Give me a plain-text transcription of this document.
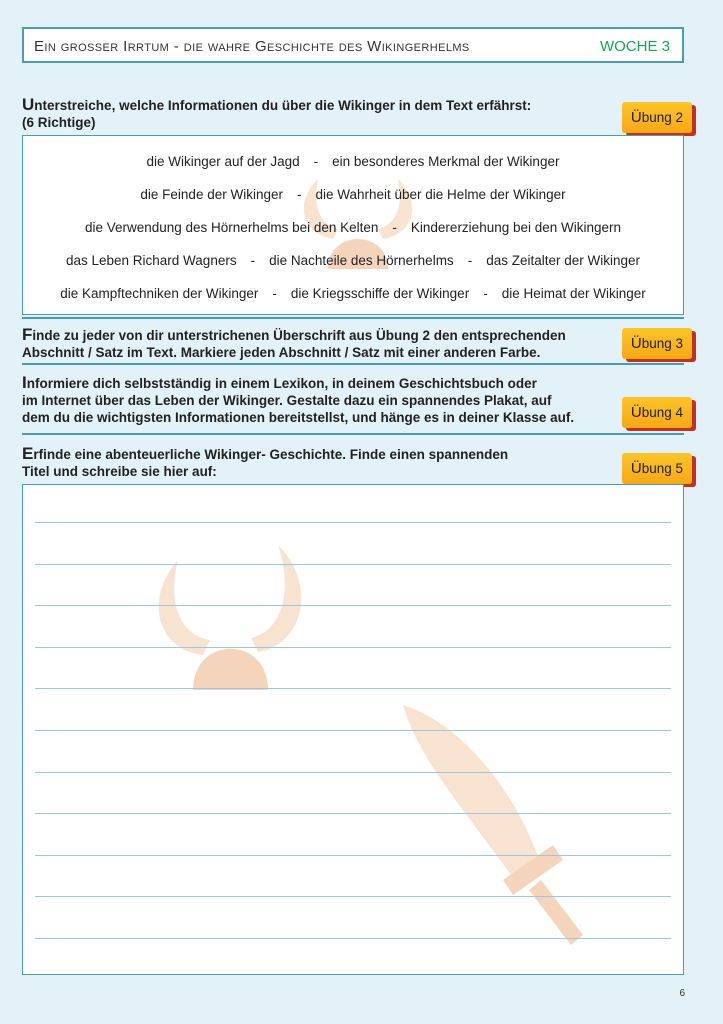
Ein grosser Irrtum - die wahre Geschichte des Wikingerhelms	WOCHE 3
Unterstreiche, welche Informationen du über die Wikinger in dem Text erfährst:
(6 Richtige)	Übung 2
die Wikinger auf der Jagd - ein besonderes Merkmal der Wikinger
die Feinde der Wikinger - die Wahrheit über die Helme der Wikinger
die Verwendung des Hörnerhelms bei den Kelten - Kindererziehung bei den Wikingern
das Leben Richard Wagners - die Nachteile des Hörnerhelms - das Zeitalter der Wikinger
die Kampftechniken der Wikinger - die Kriegsschiffe der Wikinger - die Heimat der Wikinger
Finde zu jeder von dir unterstrichenen Überschrift aus Übung 2 den entsprechenden
Abschnitt / Satz im Text. Markiere jeden Abschnitt / Satz mit einer anderen Farbe.
Übung 3
Informiere dich selbstständig in einem Lexikon, in deinem Geschichtsbuch oder
im Internet über das Leben der Wikinger. Gestalte dazu ein spannendes Plakat, auf
dem du die wichtigsten Informationen bereitstellst, und hänge es in deiner Klasse auf.	Übung 4
Erfinde eine abenteuerliche Wikinger- Geschichte. Finde einen spannenden
Titel und schreibe sie hier auf:	Übung 5
6
